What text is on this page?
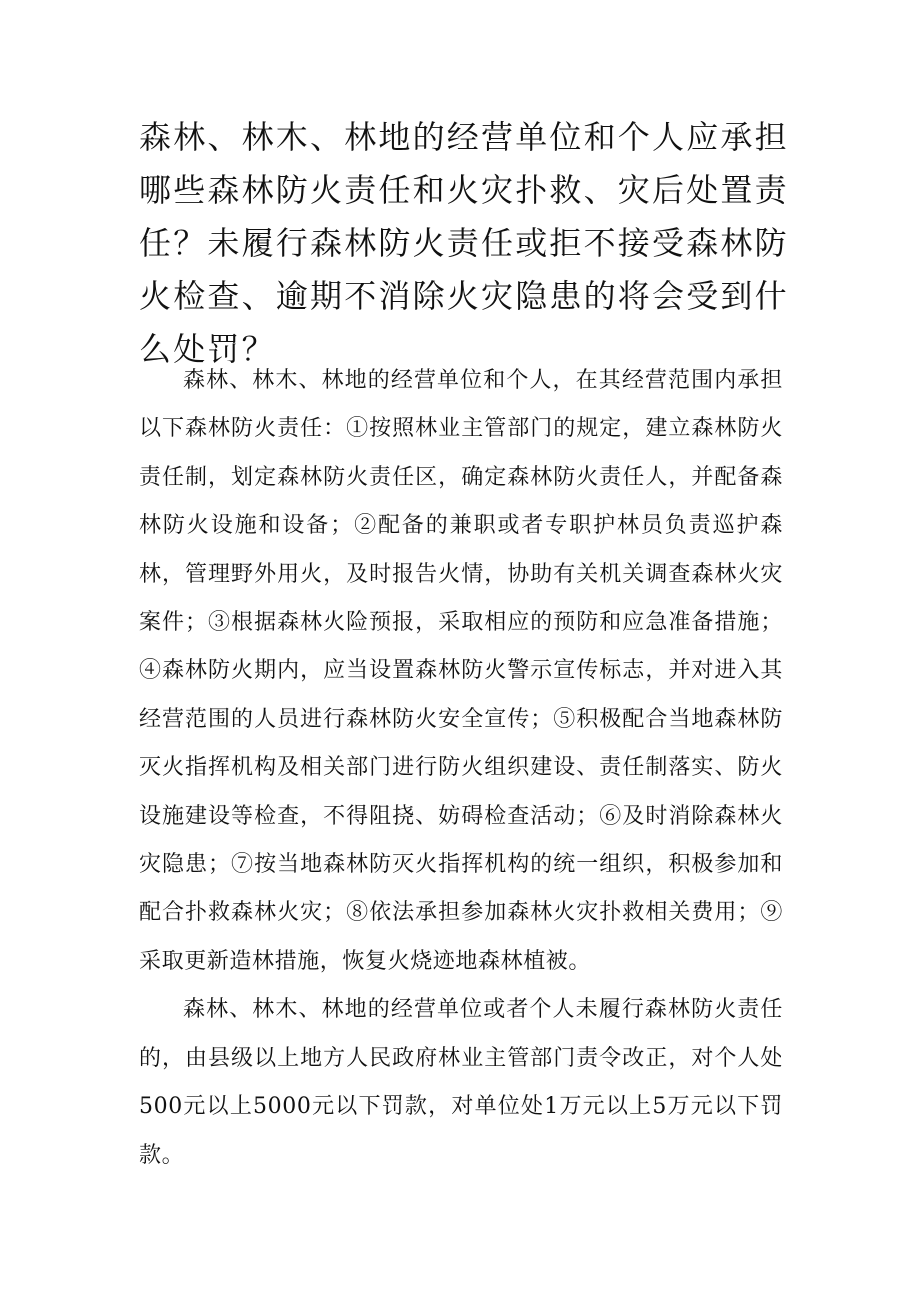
森林、林木、林地的经营单位和个人应承担哪些森林防火责任和火灾扑救、灾后处置责任？未履行森林防火责任或拒不接受森林防火检查、逾期不消除火灾隐患的将会受到什么处罚？

森林、林木、林地的经营单位和个人，在其经营范围内承担以下森林防火责任：①按照林业主管部门的规定，建立森林防火责任制，划定森林防火责任区，确定森林防火责任人，并配备森林防火设施和设备；②配备的兼职或者专职护林员负责巡护森林，管理野外用火，及时报告火情，协助有关机关调查森林火灾案件；③根据森林火险预报，采取相应的预防和应急准备措施；④森林防火期内，应当设置森林防火警示宣传标志，并对进入其经营范围的人员进行森林防火安全宣传；⑤积极配合当地森林防灭火指挥机构及相关部门进行防火组织建设、责任制落实、防火设施建设等检查，不得阻挠、妨碍检查活动；⑥及时消除森林火灾隐患；⑦按当地森林防灭火指挥机构的统一组织，积极参加和配合扑救森林火灾；⑧依法承担参加森林火灾扑救相关费用；⑨采取更新造林措施，恢复火烧迹地森林植被。

森林、林木、林地的经营单位或者个人未履行森林防火责任的，由县级以上地方人民政府林业主管部门责令改正，对个人处500元以上5000元以下罚款，对单位处1万元以上5万元以下罚款。
